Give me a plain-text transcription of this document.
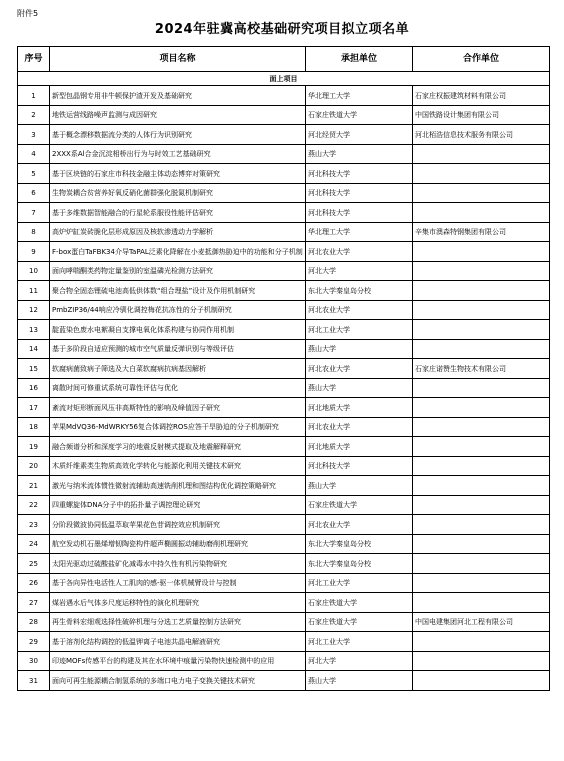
附件5
2024年驻冀高校基础研究项目拟立项名单
序号	项目名称	承担单位	合作单位
面上项目			
1	新型包晶钢专用非牛顿保护渣开发及基础研究	华北理工大学	石家庄权振建筑材料有限公司
2	地铁运营线路噪声监测与成因研究	石家庄铁道大学	中国铁路设计集团有限公司
3	基于概念漂移数据流分类的人体行为识别研究	河北经贸大学	河北栢浩信息技术服务有限公司
4	2XXX系Al合金沉淀相桥出行为与时效工艺基础研究	燕山大学	
5	基于区块链的石家庄市科技金融主体动态博弈对策研究	河北科技大学	
6	生物炭耦合贫营养好氧反硝化菌群强化脱氮机制研究	河北科技大学	
7	基于多维数据智能融合的行星轮系服役性能评估研究	河北科技大学	
8	高炉炉缸炭砖脆化层形成原因及核软渗透动力学解析	华北理工大学	辛集市澳森特钢集团有限公司
9	F-box蛋白TaFBK34介导TaPAL泛素化降解在小麦抵御热胁迫中的功能和分子机制	河北农业大学	
10	面向哮喘酮类药物定量鉴别的室温磷光检测方法研究	河北大学	
11	聚合物全固态锂硫电池高低供体数“组合理盐”设计及作用机制研究	东北大学秦皇岛分校	
12	PmbZIP36/44响应冷驯化调控梅花抗冻性的分子机制研究	河北农业大学	
13	靛蓝染色废水电絮凝自支撑电氧化体系构建与协同作用机制	河北工业大学	
14	基于多阶段自适应预测的城市空气质量反弹识别与等级评估	燕山大学	
15	软腐病菌致病子筛选及大白菜软腐病抗病基因解析	河北农业大学	石家庄诺赞生物技术有限公司
16	离散时间可修重试系统可靠性评估与优化	燕山大学	
17	紊流对矩形断面风压非高斯特性的影响及峰值因子研究	河北地质大学	
18	苹果MdVQ36-MdWRKY56复合体调控ROS应答干旱胁迫的分子机制研究	河北农业大学	
19	融合频谱分析和深度学习的地震反射模式提取及地震解释研究	河北地质大学	
20	木质纤维素类生物质高效化学转化与能源化利用关键技术研究	河北科技大学	
21	激光与纳米流体惯性微射流辅助高速铣削机理和图结构优化调控策略研究	燕山大学	
22	四重螺旋体DNA分子中的拓扑量子调控理论研究	石家庄铁道大学	
23	分阶段微波协同低温萃取苹果花色苷调控效应机制研究	河北农业大学	
24	航空发动机石墨烯增韧陶瓷构件超声椭圆振动辅助磨削机理研究	东北大学秦皇岛分校	
25	太阳光驱动过硫酸盐矿化减毒水中持久性有机污染物研究	东北大学秦皇岛分校	
26	基于各向异性电活性人工肌肉的感-驱一体机械臂设计与控制	河北工业大学	
27	煤岩遇水后气体多尺度运移特性的演化机理研究	石家庄铁道大学	
28	再生骨料宏细观选择性破碎机理与分选工艺质量控制方法研究	石家庄铁道大学	中国电建集团河北工程有限公司
29	基于溶剂化结构调控的低温钾离子电池共晶电解液研究	河北工业大学	
30	印迹MOFs传感平台的构建及其在水环境中痕量污染物快速检测中的应用	河北大学	
31	面向可再生能源耦合制氢系统的多端口电力电子变换关键技术研究	燕山大学	
